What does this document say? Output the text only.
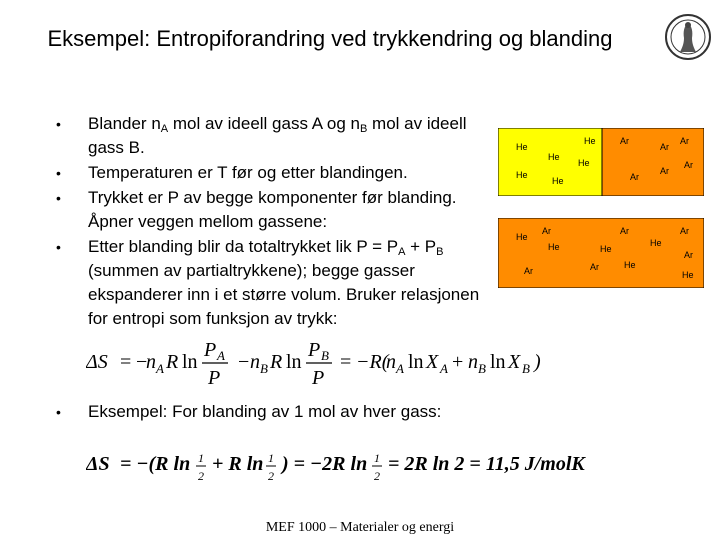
Eksempel: Entropiforandring ved trykkendring og blanding
•	Blander $n_A$ mol av ideell gass A og $n_B$ mol av ideell gass B.
•	Temperaturen er T før og etter blandingen.
•	Trykket er P av begge komponenter før blanding. Åpner veggen mellom gassene:
•	Etter blanding blir da totaltrykket lik $P = P_A + P_B$ (summen av partialtrykkene); begge gasser ekspanderer inn i et større volum. Bruker relasjonen for entropi som funksjon av trykk:
ΔS = −
n A R ln
P A
P
− n B R ln
P B
P
= −R(
n A ln X A + n B ln X B )
• Eksempel: For blanding av 1 mol av hver gass:
ΔS = −(R ln 1
2
+ R ln 1
2
) = −2R ln 1
2
= 2R ln 2 = 11,5 J/molK
He
He
He
He
He
He
Ar
Ar
Ar
Ar
Ar
Ar
He
Ar
He
Ar
He
Ar
Ar	He
He
Ar
He
Ar
MEF 1000 – Materialer og energi
